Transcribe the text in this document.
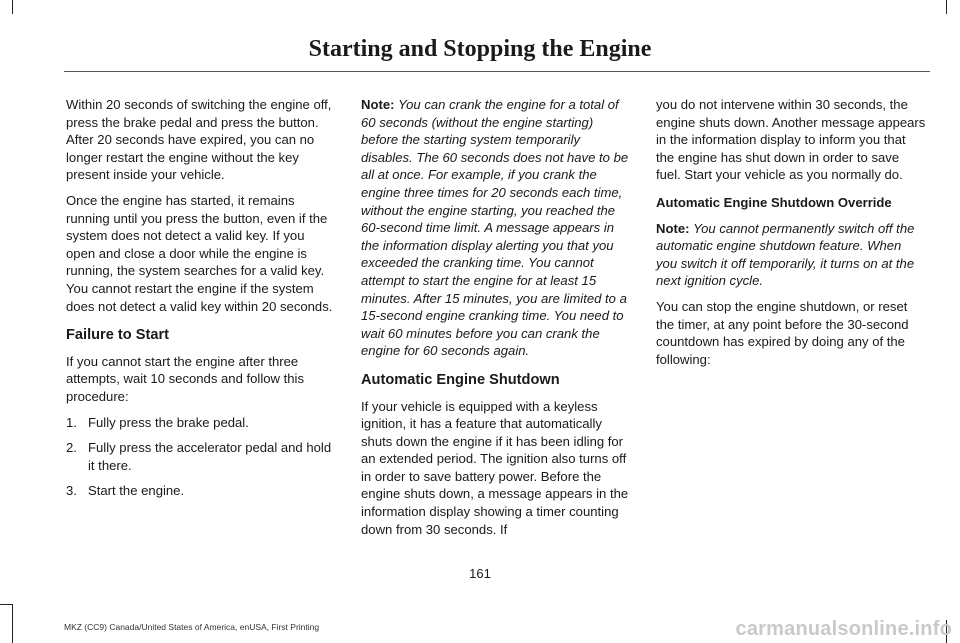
Starting and Stopping the Engine

Within 20 seconds of switching the engine off, press the brake pedal and press the button. After 20 seconds have expired, you can no longer restart the engine without the key present inside your vehicle.

Once the engine has started, it remains running until you press the button, even if the system does not detect a valid key. If you open and close a door while the engine is running, the system searches for a valid key. You cannot restart the engine if the system does not detect a valid key within 20 seconds.

Failure to Start

If you cannot start the engine after three attempts, wait 10 seconds and follow this procedure:

1. Fully press the brake pedal.
2. Fully press the accelerator pedal and hold it there.
3. Start the engine.

Note: You can crank the engine for a total of 60 seconds (without the engine starting) before the starting system temporarily disables. The 60 seconds does not have to be all at once. For example, if you crank the engine three times for 20 seconds each time, without the engine starting, you reached the 60-second time limit. A message appears in the information display alerting you that you exceeded the cranking time. You cannot attempt to start the engine for at least 15 minutes. After 15 minutes, you are limited to a 15-second engine cranking time. You need to wait 60 minutes before you can crank the engine for 60 seconds again.

Automatic Engine Shutdown

If your vehicle is equipped with a keyless ignition, it has a feature that automatically shuts down the engine if it has been idling for an extended period. The ignition also turns off in order to save battery power. Before the engine shuts down, a message appears in the information display showing a timer counting down from 30 seconds. If

you do not intervene within 30 seconds, the engine shuts down. Another message appears in the information display to inform you that the engine has shut down in order to save fuel. Start your vehicle as you normally do.

Automatic Engine Shutdown Override

Note: You cannot permanently switch off the automatic engine shutdown feature. When you switch it off temporarily, it turns on at the next ignition cycle.

You can stop the engine shutdown, or reset the timer, at any point before the 30-second countdown has expired by doing any of the following:

161
MKZ (CC9) Canada/United States of America, enUSA, First Printing	carmanualsonline.info
